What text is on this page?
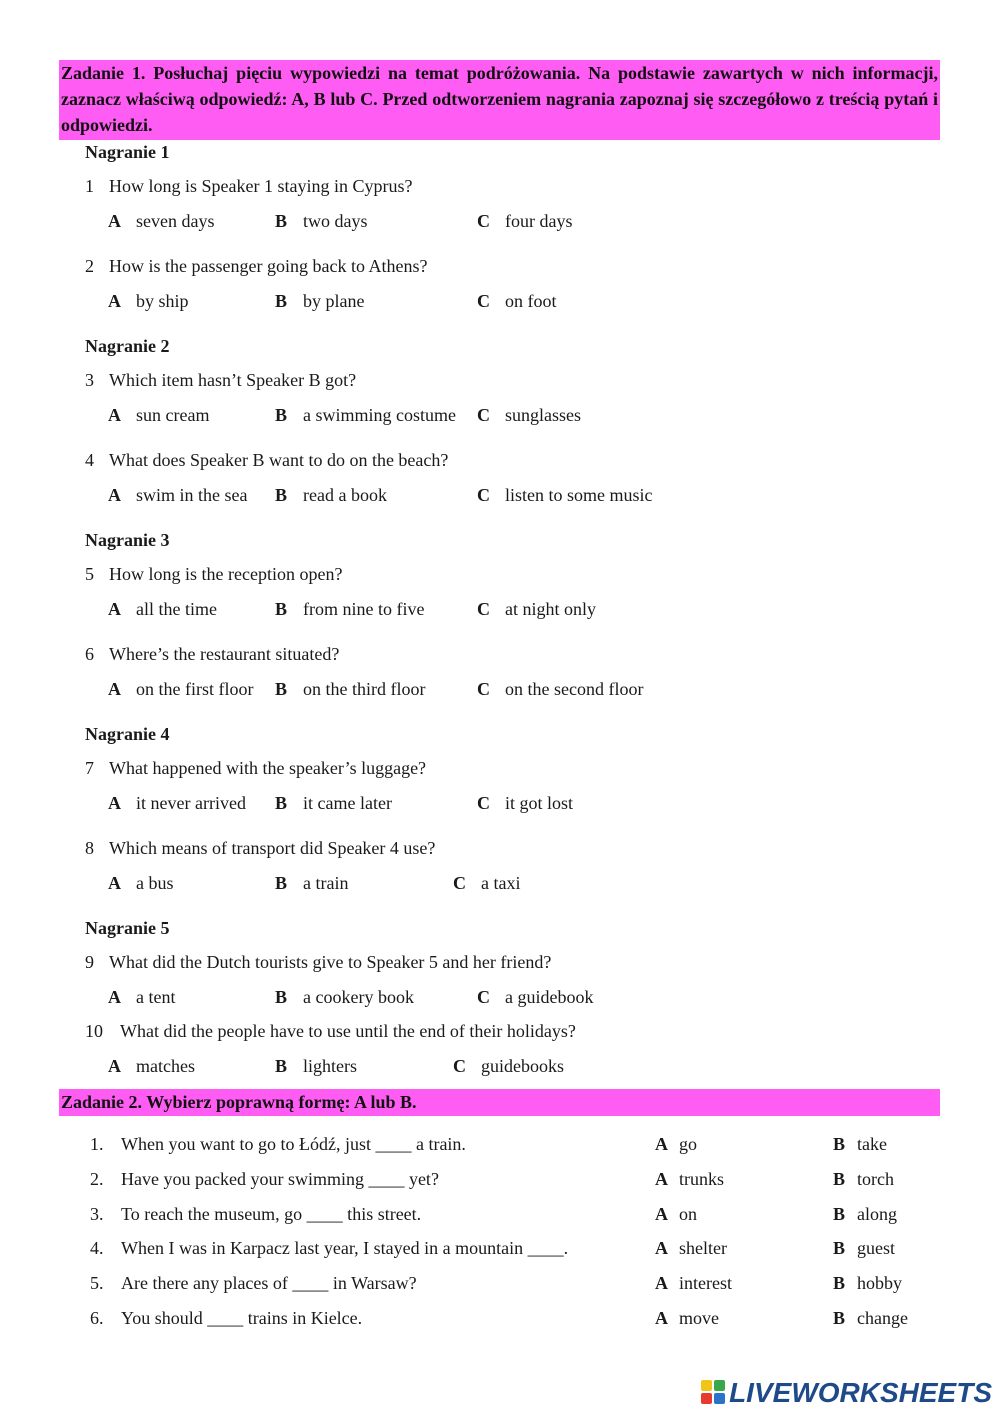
Zadanie 1. Posłuchaj pięciu wypowiedzi na temat podróżowania. Na podstawie zawartych w nich informacji, zaznacz właściwą odpowiedź: A, B lub C. Przed odtworzeniem nagrania zapoznaj się szczegółowo z treścią pytań i odpowiedzi.
Nagranie 1
1 How long is Speaker 1 staying in Cyprus?
A seven days	B two days	C four days
2 How is the passenger going back to Athens?
A by ship	B by plane	C on foot
Nagranie 2
3 Which item hasn’t Speaker B got?
A sun cream	B a swimming costume C sunglasses
4 What does Speaker B want to do on the beach?
A swim in the sea B read a book	C listen to some music
Nagranie 3
5 How long is the reception open?
A all the time	B from nine to five	C at night only
6 Where’s the restaurant situated?
A on the first floor B on the third floor	C on the second floor
Nagranie 4
7 What happened with the speaker’s luggage?
A it never arrived B it came later	C it got lost
8 Which means of transport did Speaker 4 use?
A a bus	B a train	C a taxi
Nagranie 5
9 What did the Dutch tourists give to Speaker 5 and her friend?
A a tent	B a cookery book	C a guidebook
10 What did the people have to use until the end of their holidays?
A matches	B lighters	C guidebooks
Zadanie 2. Wybierz poprawną formę: A lub B.
1. When you want to go to Łódź, just ____ a train.	A go	B take
2. Have you packed your swimming ____ yet?	A trunks	B torch
3. To reach the museum, go ____ this street.	A on	B along
4. When I was in Karpacz last year, I stayed in a mountain ____.	A shelter	B guest
5. Are there any places of ____ in Warsaw?	A interest	B hobby
6. You should ____ trains in Kielce.	A move	B change
LIVEWORKSHEETS
